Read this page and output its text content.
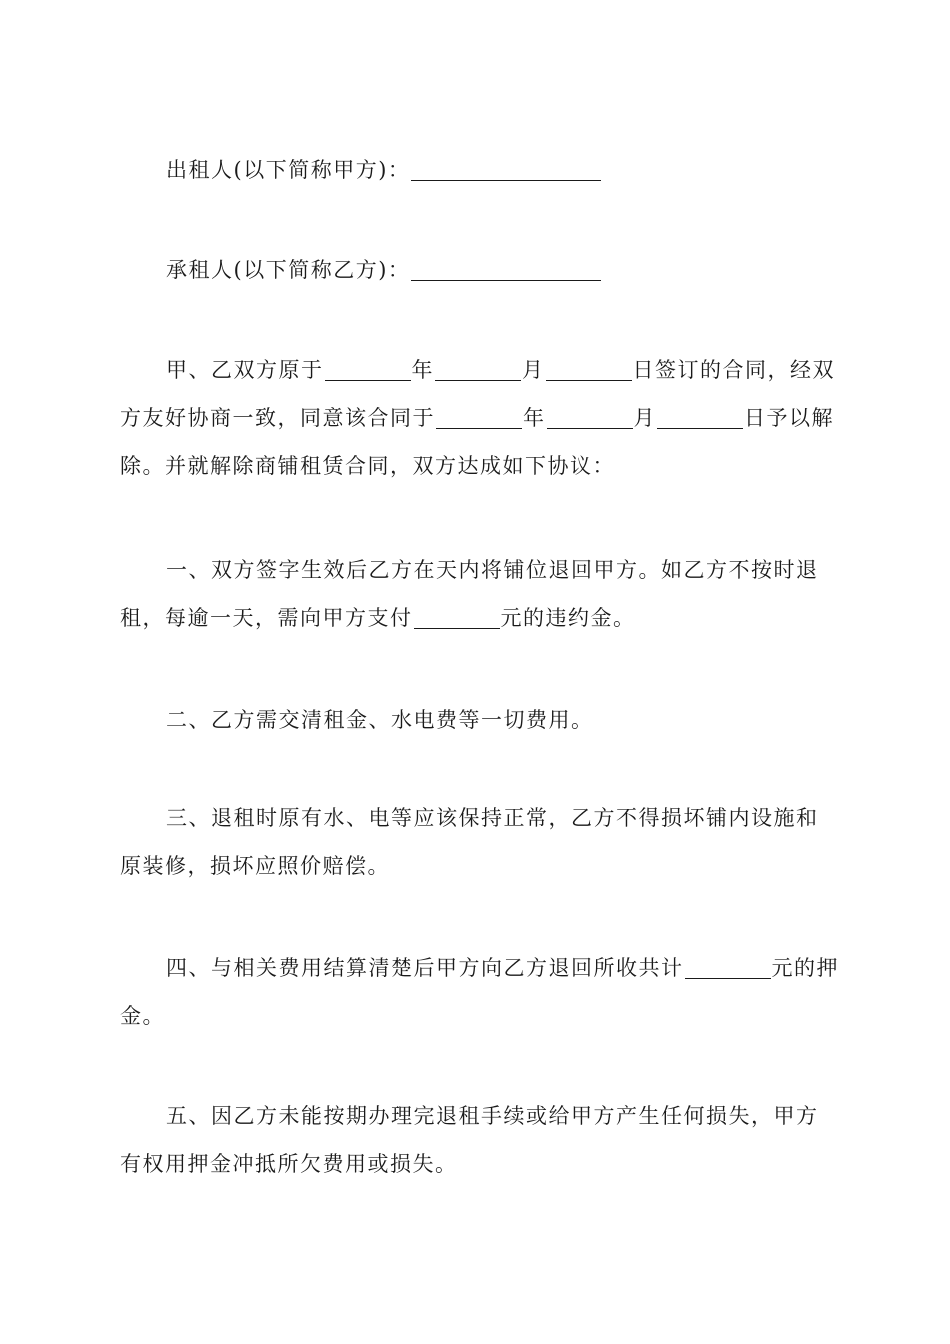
出租人(以下简称甲方)：
承租人(以下简称乙方)：
甲、乙双方原于	年	月	日签订的合同，经双方友好协商一致，同意该合同于	年	月	日予以解除。并就解除商铺租赁合同，双方达成如下协议：
一、双方签字生效后乙方在天内将铺位退回甲方。如乙方不按时退租，每逾一天，需向甲方支付	元的违约金。
二、乙方需交清租金、水电费等一切费用。
三、退租时原有水、电等应该保持正常，乙方不得损坏铺内设施和原装修，损坏应照价赔偿。
四、与相关费用结算清楚后甲方向乙方退回所收共计	元的押金。
五、因乙方未能按期办理完退租手续或给甲方产生任何损失，甲方有权用押金冲抵所欠费用或损失。
